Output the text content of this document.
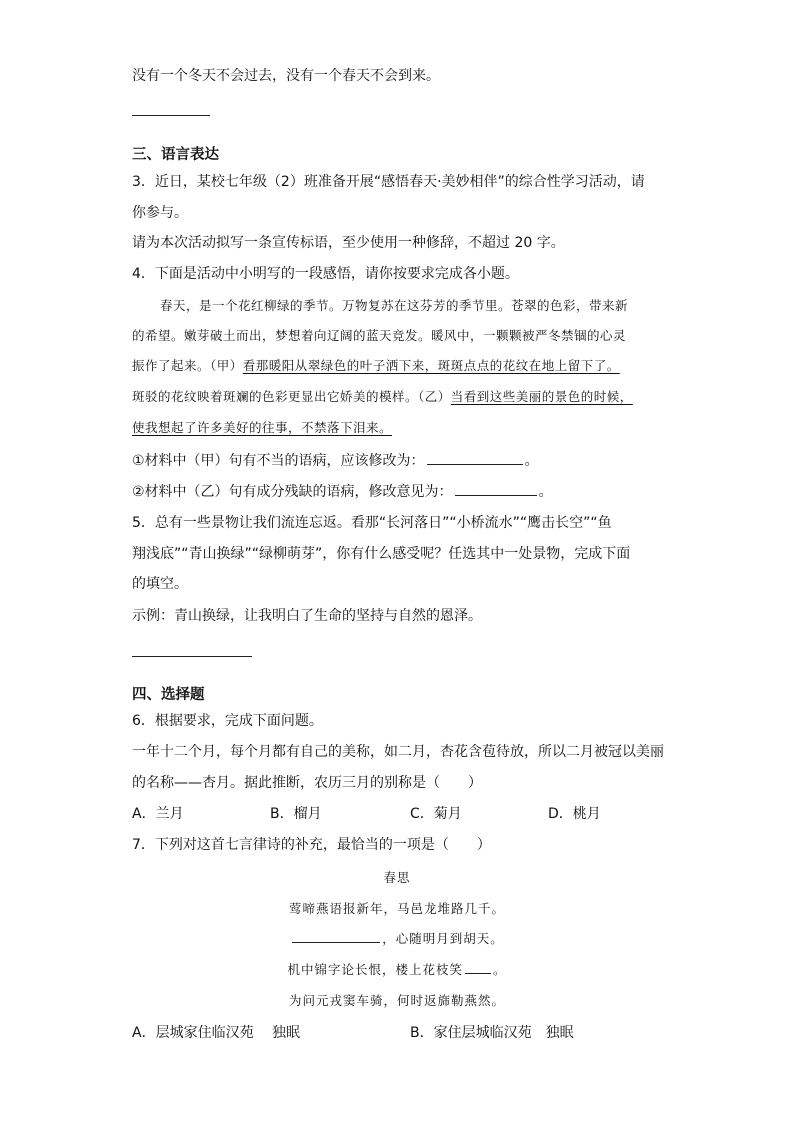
没有一个冬天不会过去，没有一个春天不会到来。
三、语言表达
3．近日，某校七年级（2）班准备开展“感悟春天·美妙相伴”的综合性学习活动，请
你参与。
请为本次活动拟写一条宣传标语，至少使用一种修辞，不超过 20 字。
4．下面是活动中小明写的一段感悟，请你按要求完成各小题。
春天，是一个花红柳绿的季节。万物复苏在这芬芳的季节里。苍翠的色彩，带来新
的希望。嫩芽破土而出，梦想着向辽阔的蓝天竞发。暖风中，一颗颗被严冬禁锢的心灵
振作了起来。（甲）看那暖阳从翠绿色的叶子洒下来，斑斑点点的花纹在地上留下了。
斑驳的花纹映着斑斓的色彩更显出它娇美的模样。（乙）当看到这些美丽的景色的时候，
使我想起了许多美好的往事，不禁落下泪来。
①材料中（甲）句有不当的语病，应该修改为：	。
②材料中（乙）句有成分残缺的语病，修改意见为：	。
5．总有一些景物让我们流连忘返。看那“长河落日”“小桥流水”“鹰击长空”“鱼
翔浅底”“青山换绿”“绿柳萌芽”，你有什么感受呢？任选其中一处景物，完成下面
的填空。
示例：青山换绿，让我明白了生命的坚持与自然的恩泽。
四、选择题
6．根据要求，完成下面问题。
一年十二个月，每个月都有自己的美称，如二月，杏花含苞待放，所以二月被冠以美丽
的名称——杏月。据此推断，农历三月的别称是（　　）
A．兰月	B．榴月	C．菊月	D．桃月
7．下列对这首七言律诗的补充，最恰当的一项是（　　）
春思
莺啼燕语报新年，马邑龙堆路几千。
，心随明月到胡天。
机中锦字论长恨，楼上花枝笑 。
为问元戎窦车骑，何时返旆勒燕然。
A．层城家住临汉苑　 独眠	B．家住层城临汉苑　独眠
